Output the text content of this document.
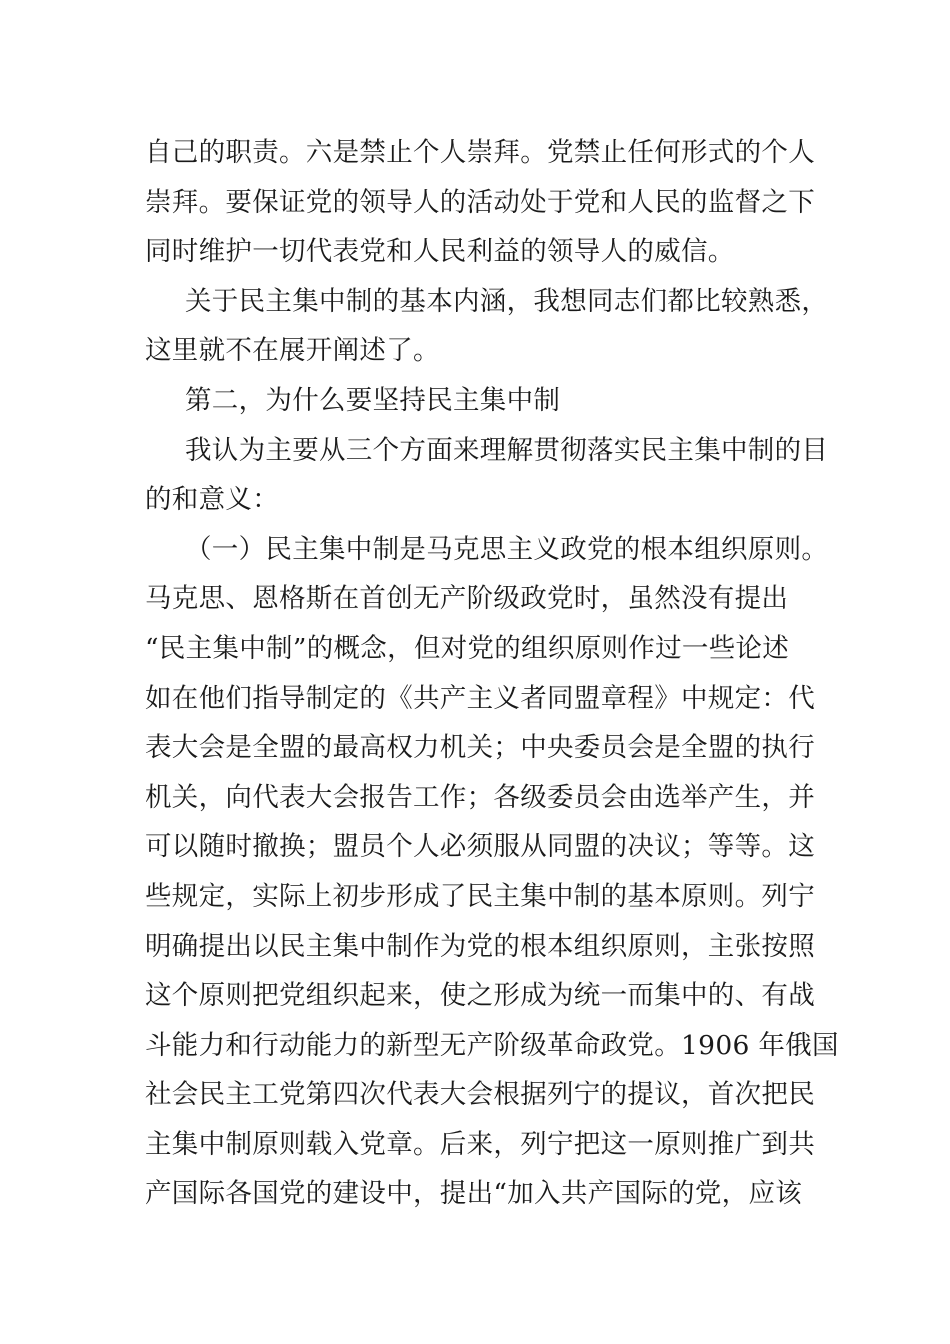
自己的职责。六是禁止个人崇拜。党禁止任何形式的个人
崇拜。要保证党的领导人的活动处于党和人民的监督之下
同时维护一切代表党和人民利益的领导人的威信。
关于民主集中制的基本内涵，我想同志们都比较熟悉，
这里就不在展开阐述了。
第二，为什么要坚持民主集中制
我认为主要从三个方面来理解贯彻落实民主集中制的目
的和意义：
（一）民主集中制是马克思主义政党的根本组织原则。
马克思、恩格斯在首创无产阶级政党时，虽然没有提出
“民主集中制”的概念，但对党的组织原则作过一些论述
如在他们指导制定的《共产主义者同盟章程》中规定：代
表大会是全盟的最高权力机关；中央委员会是全盟的执行
机关，向代表大会报告工作；各级委员会由选举产生，并
可以随时撤换；盟员个人必须服从同盟的决议；等等。这
些规定，实际上初步形成了民主集中制的基本原则。列宁
明确提出以民主集中制作为党的根本组织原则，主张按照
这个原则把党组织起来，使之形成为统一而集中的、有战
斗能力和行动能力的新型无产阶级革命政党。1906 年俄国
社会民主工党第四次代表大会根据列宁的提议，首次把民
主集中制原则载入党章。后来，列宁把这一原则推广到共
产国际各国党的建设中，提出“加入共产国际的党，应该
